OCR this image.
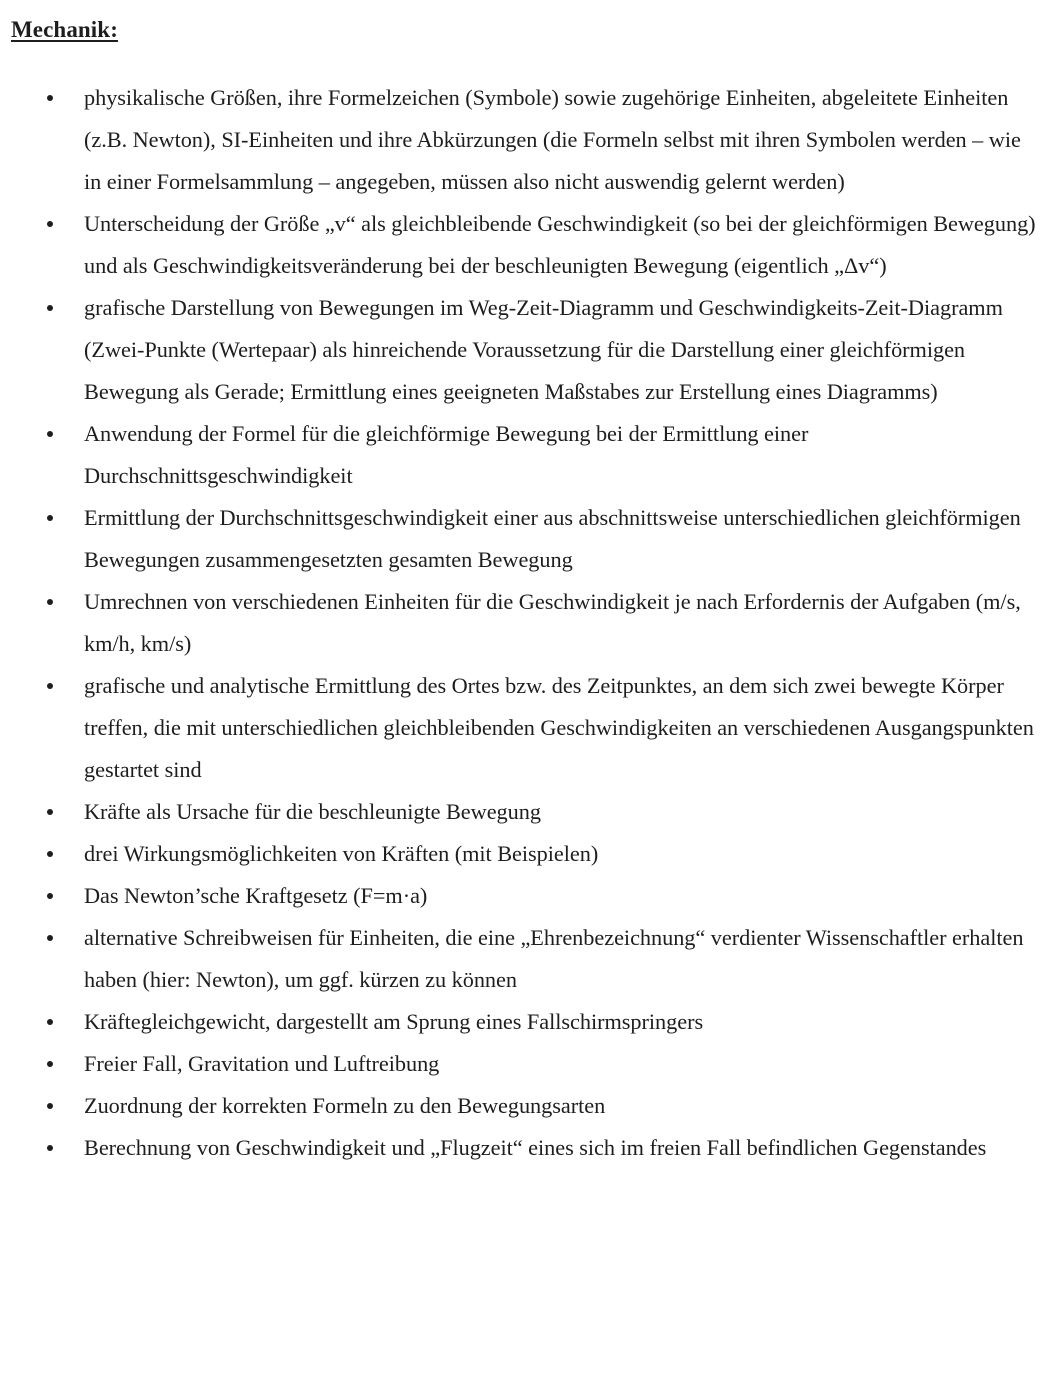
Mechanik:
physikalische Größen, ihre Formelzeichen (Symbole) sowie zugehörige Einheiten, abgeleitete Einheiten (z.B. Newton), SI-Einheiten und ihre Abkürzungen (die Formeln selbst mit ihren Symbolen werden – wie in einer Formelsammlung – angegeben, müssen also nicht auswendig gelernt werden)
Unterscheidung der Größe „v“ als gleichbleibende Geschwindigkeit (so bei der gleichförmigen Bewegung) und als Geschwindigkeitsveränderung bei der beschleunigten Bewegung (eigentlich „Δv“)
grafische Darstellung von Bewegungen im Weg-Zeit-Diagramm und Geschwindigkeits-Zeit-Diagramm (Zwei-Punkte (Wertepaar) als hinreichende Voraussetzung für die Darstellung einer gleichförmigen Bewegung als Gerade; Ermittlung eines geeigneten Maßstabes zur Erstellung eines Diagramms)
Anwendung der Formel für die gleichförmige Bewegung bei der Ermittlung einer Durchschnittsgeschwindigkeit
Ermittlung der Durchschnittsgeschwindigkeit einer aus abschnittsweise unterschiedlichen gleichförmigen Bewegungen zusammengesetzten gesamten Bewegung
Umrechnen von verschiedenen Einheiten für die Geschwindigkeit je nach Erfordernis der Aufgaben (m/s, km/h, km/s)
grafische und analytische Ermittlung des Ortes bzw. des Zeitpunktes, an dem sich zwei bewegte Körper treffen, die mit unterschiedlichen gleichbleibenden Geschwindigkeiten an verschiedenen Ausgangspunkten gestartet sind
Kräfte als Ursache für die beschleunigte Bewegung
drei Wirkungsmöglichkeiten von Kräften (mit Beispielen)
Das Newton’sche Kraftgesetz (F=m·a)
alternative Schreibweisen für Einheiten, die eine „Ehrenbezeichnung“ verdienter Wissenschaftler erhalten haben (hier: Newton), um ggf. kürzen zu können
Kräftegleichgewicht, dargestellt am Sprung eines Fallschirmspringers
Freier Fall, Gravitation und Luftreibung
Zuordnung der korrekten Formeln zu den Bewegungsarten
Berechnung von Geschwindigkeit und „Flugzeit“ eines sich im freien Fall befindlichen Gegenstandes
